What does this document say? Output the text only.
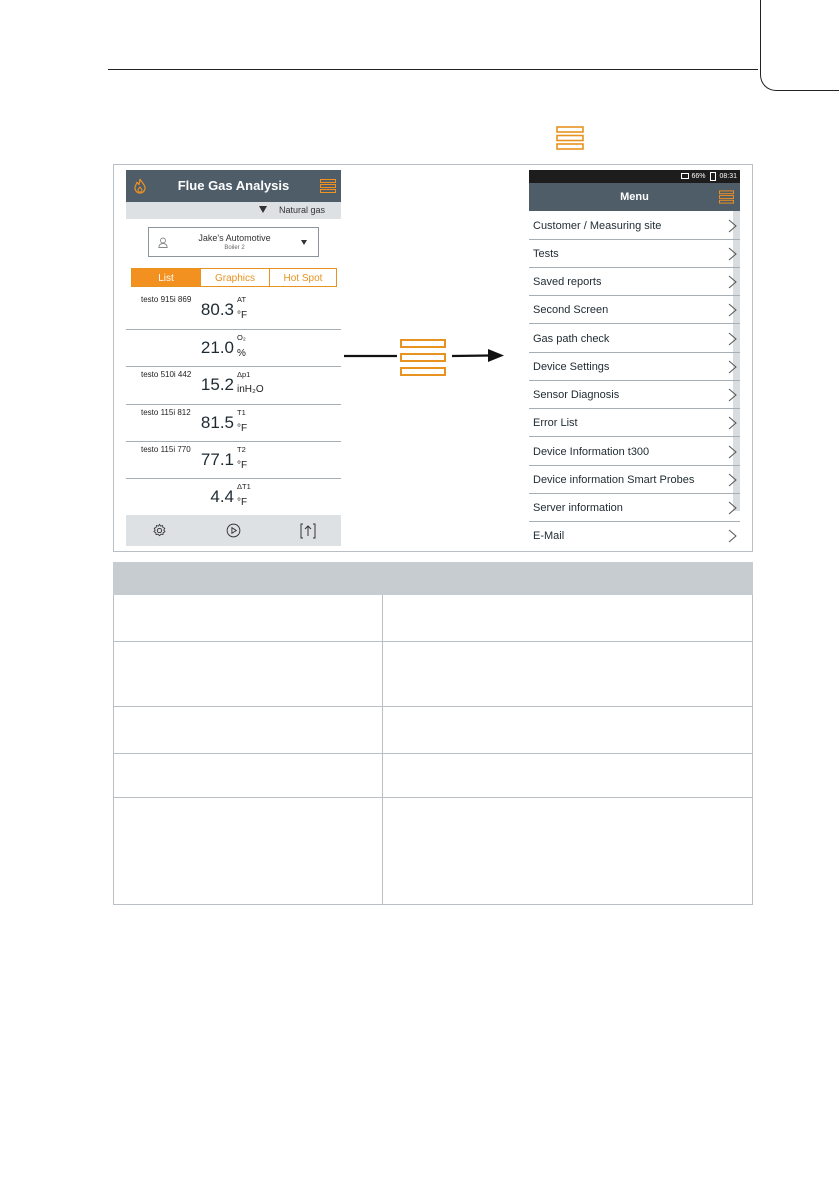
Flue Gas Analysis
Natural gas
Jake's Automotive
Boiler 2
List	Graphics	Hot Spot
testo 915i 869
80.3
AT
°F
21.0
O₂
%
testo 510i 442
15.2
Δp1
inH₂O
testo 115i 812
81.5
T1
°F
testo 115i 770
77.1
T2
°F
4.4
ΔT1
°F
66% 08:31
Menu
Customer / Measuring site
Tests
Saved reports
Second Screen
Gas path check
Device Settings
Sensor Diagnosis
Error List
Device Information t300
Device information Smart Probes
Server information
E-Mail
